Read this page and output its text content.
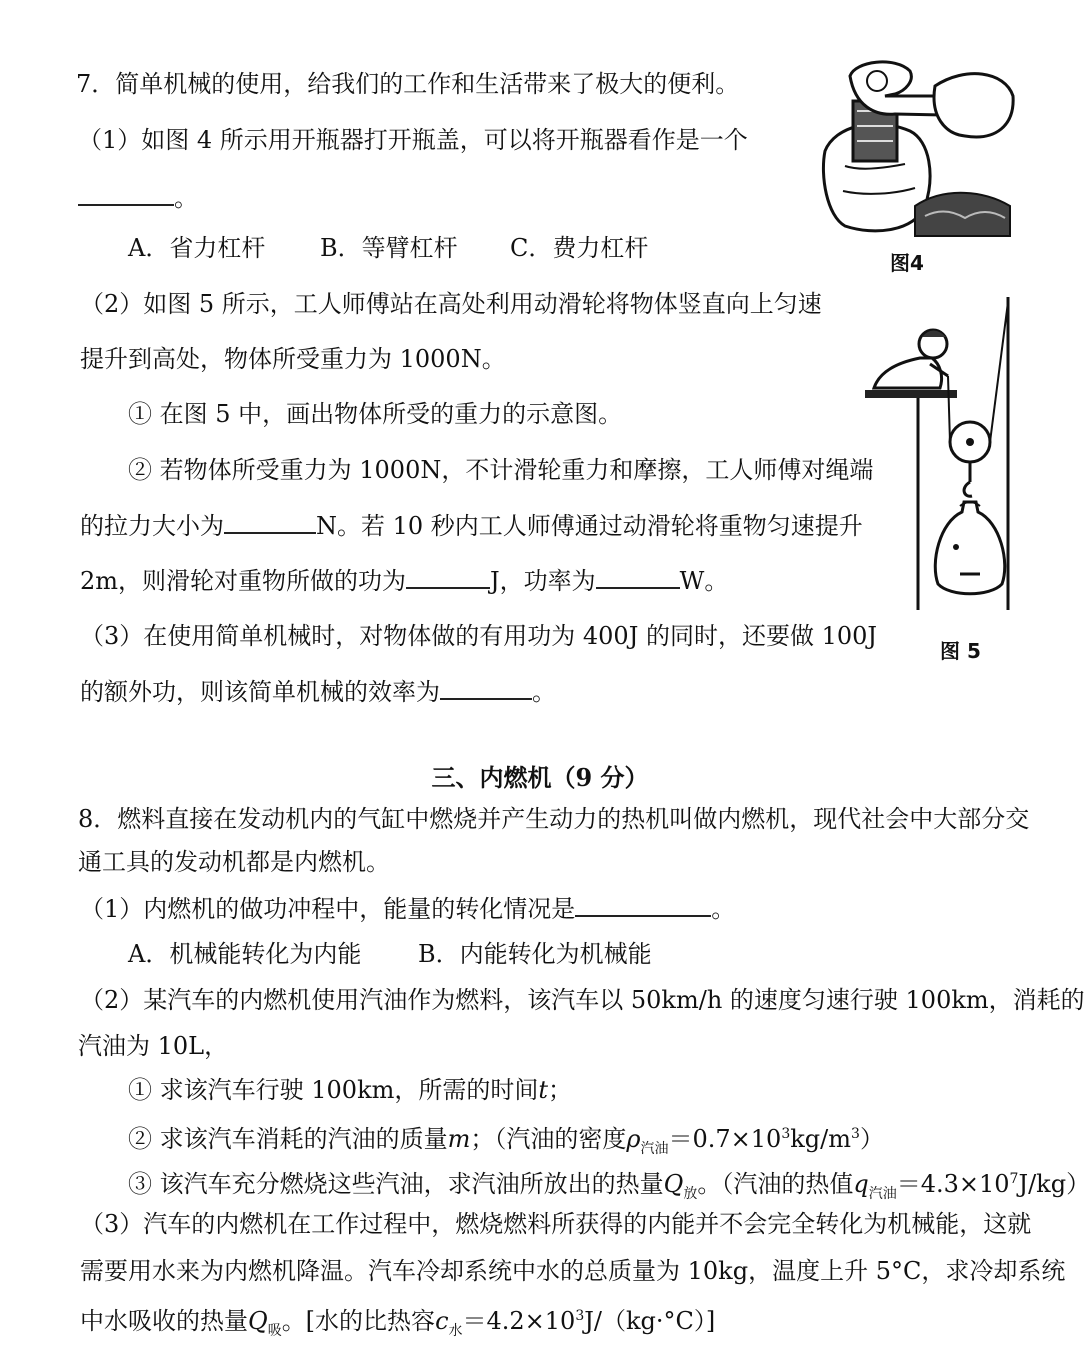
7．简单机械的使用，给我们的工作和生活带来了极大的便利。
（1）如图 4 所示用开瓶器打开瓶盖，可以将开瓶器看作是一个
。
A．省力杠杆 B．等臂杠杆 C．费力杠杆
（2）如图 5 所示，工人师傅站在高处利用动滑轮将物体竖直向上匀速
提升到高处，物体所受重力为 1000N。
① 在图 5 中，画出物体所受的重力的示意图。
② 若物体所受重力为 1000N，不计滑轮重力和摩擦，工人师傅对绳端
的拉力大小为	N。若 10 秒内工人师傅通过动滑轮将重物匀速提升
2m，则滑轮对重物所做的功为	J，功率为	W。
（3）在使用简单机械时，对物体做的有用功为 400J 的同时，还要做 100J
的额外功，则该简单机械的效率为	。
图4
图 5
三、内燃机（9 分）
8．燃料直接在发动机内的气缸中燃烧并产生动力的热机叫做内燃机，现代社会中大部分交
通工具的发动机都是内燃机。
（1）内燃机的做功冲程中，能量的转化情况是	。
A．机械能转化为内能 B．内能转化为机械能
（2）某汽车的内燃机使用汽油作为燃料，该汽车以 50km/h 的速度匀速行驶 100km，消耗的
汽油为 10L，
① 求该汽车行驶 100km，所需的时间t；
② 求该汽车消耗的汽油的质量m；（汽油的密度$\rho_{汽油}=0.7\times 10^3kg/m^3$）
③ 该汽车充分燃烧这些汽油，求汽油所放出的热量$Q_放$。（汽油的热值$q_{汽油}=4.3\times 10^7J/kg$）
（3）汽车的内燃机在工作过程中，燃烧燃料所获得的内能并不会完全转化为机械能，这就
需要用水来为内燃机降温。汽车冷却系统中水的总质量为 10kg，温度上升 5°C，求冷却系统
中水吸收的热量$Q_吸$。[水的比热容$c_水=4.2\times 10^3J/(kg\cdot^\circ C)$]
